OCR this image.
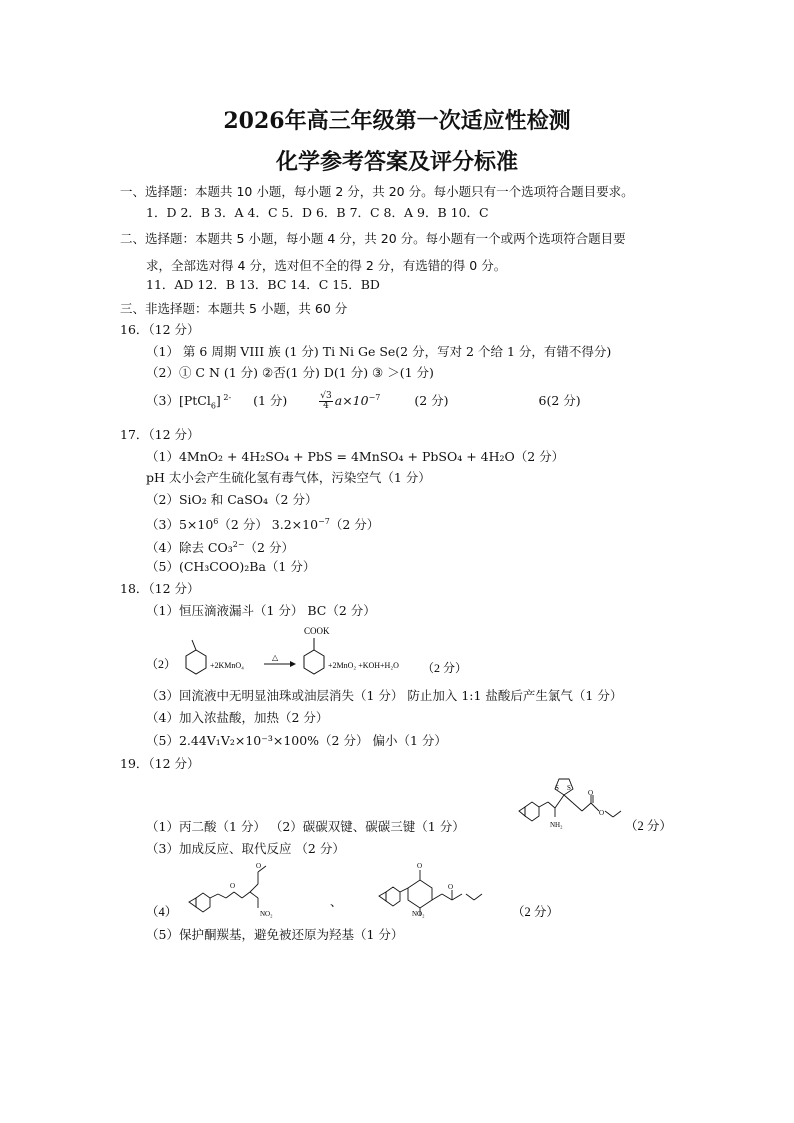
2026年高三年级第一次适应性检测
化学参考答案及评分标准
一、选择题：本题共 10 小题，每小题 2 分，共 20 分。每小题只有一个选项符合题目要求。
1．D 2．B 3．A 4．C 5．D 6．B 7．C 8．A 9．B 10．C
二、选择题：本题共 5 小题，每小题 4 分，共 20 分。每小题有一个或两个选项符合题目要
求，全部选对得 4 分，选对但不全的得 2 分，有选错的得 0 分。
11．AD 12．B 13．BC 14．C 15．BD
三、非选择题：本题共 5 小题，共 60 分
16．（12 分）
（1） 第 6 周期 VIII 族 (1 分) Ti Ni Ge Se(2 分，写对 2 个给 1 分，有错不得分)
（2）① C N (1 分) ②否(1 分) D(1 分) ③ ＞(1 分)
（3）[PtCl$_6$] $^{2-}$ (1 分)	$\frac{√3}{4} a\times 10^{-7}$	(2 分)	6(2 分)
17．（12 分）
（1）4MnO₂ + 4H₂SO₄ + PbS = 4MnSO₄ + PbSO₄ + 4H₂O（2 分）
pH 太小会产生硫化氢有毒气体，污染空气（1 分）
（2）SiO₂ 和 CaSO₄（2 分）
$(3)5\times 10^6(2$ 分） $3.2\times 10^{-7}(2$ 分）
（4）除去 CO₃$^{2-}$（2 分）
（5）(CH₃COO)₂Ba（1 分）
18．（12 分）
（1）恒压滴液漏斗（1 分） BC（2 分）
（2）	+2KMnO₄
△
COOK
+2MnO₂ +KOH+H₂O （2 分）
（3）回流液中无明显油珠或油层消失（1 分） 防止加入 1:1 盐酸后产生氯气（1 分）
（4）加入浓盐酸，加热（2 分）
（5）2.44V₁V₂×10⁻³×100%（2 分） 偏小（1 分）
19．（12 分）
（1）丙二酸（1 分） （2）碳碳双键、碳碳三键（1 分）
S S
NH₂
O
O
（2 分）
（3）加成反应、取代反应 （2 分）
（4）
O
O
NO₂
、
O
O
NO₂	（2 分）
（5）保护酮羰基，避免被还原为羟基（1 分）
